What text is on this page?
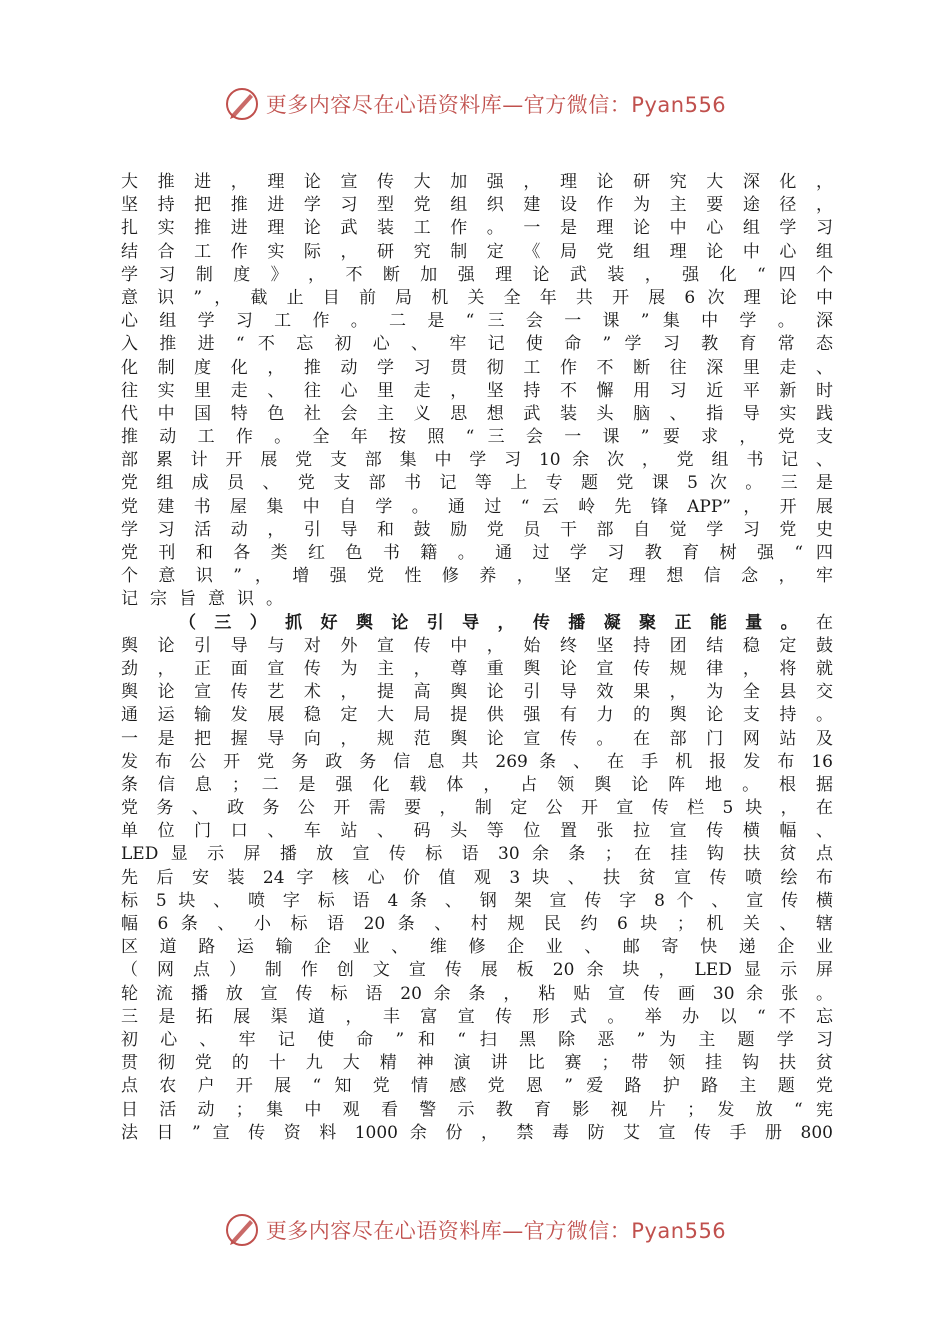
更多内容尽在心语资料库—官方微信：Pyan556
大 推 进 ， 理 论 宣 传 大 加 强 ， 理 论 研 究 大 深 化 ，
坚 持 把 推 进 学 习 型 党 组 织 建 设 作 为 主 要 途 径 ，
扎 实 推 进 理 论 武 装 工 作 。 一 是 理 论 中 心 组 学 习
结 合 工 作 实 际 ， 研 究 制 定 《 局 党 组 理 论 中 心 组
学 习 制 度 》 ， 不 断 加 强 理 论 武 装 ， 强 化 “ 四 个
意 识 ” ， 截 止 目 前 局 机 关 全 年 共 开 展 6 次 理 论 中
心 组 学 习 工 作 。 二 是 “ 三 会 一 课 ” 集 中 学 。 深
入 推 进 “ 不 忘 初 心 、 牢 记 使 命 ” 学 习 教 育 常 态
化 制 度 化 ， 推 动 学 习 贯 彻 工 作 不 断 往 深 里 走 、
往 实 里 走 、 往 心 里 走 ， 坚 持 不 懈 用 习 近 平 新 时
代 中 国 特 色 社 会 主 义 思 想 武 装 头 脑 、 指 导 实 践
推 动 工 作 。 全 年 按 照 “ 三 会 一 课 ” 要 求 ， 党 支
部 累 计 开 展 党 支 部 集 中 学 习 10 余 次 ， 党 组 书 记 、
党 组 成 员 、 党 支 部 书 记 等 上 专 题 党 课 5 次 。 三 是
党 建 书 屋 集 中 自 学 。 通 过 “ 云 岭 先 锋 APP” ， 开 展
学 习 活 动 ， 引 导 和 鼓 励 党 员 干 部 自 觉 学 习 党 史
党 刊 和 各 类 红 色 书 籍 。 通 过 学 习 教 育 树 强 “ 四
个 意 识 ” ， 增 强 党 性 修 养 ， 坚 定 理 想 信 念 ， 牢
记宗旨意识。
（三）抓好舆论引导，传播凝聚正能量。在
舆 论 引 导 与 对 外 宣 传 中 ， 始 终 坚 持 团 结 稳 定 鼓
劲 ， 正 面 宣 传 为 主 ， 尊 重 舆 论 宣 传 规 律 ， 将 就
舆 论 宣 传 艺 术 ， 提 高 舆 论 引 导 效 果 ， 为 全 县 交
通 运 输 发 展 稳 定 大 局 提 供 强 有 力 的 舆 论 支 持 。
一 是 把 握 导 向 ， 规 范 舆 论 宣 传 。 在 部 门 网 站 及
发 布 公 开 党 务 政 务 信 息 共 269 条 、 在 手 机 报 发 布 16
条 信 息 ； 二 是 强 化 载 体 ， 占 领 舆 论 阵 地 。 根 据
党 务 、 政 务 公 开 需 要 ， 制 定 公 开 宣 传 栏 5 块 ， 在
单 位 门 口 、 车 站 、 码 头 等 位 置 张 拉 宣 传 横 幅 、
LED 显 示 屏 播 放 宣 传 标 语 30 余 条 ； 在 挂 钩 扶 贫 点
先 后 安 装 24 字 核 心 价 值 观 3 块 、 扶 贫 宣 传 喷 绘 布
标 5 块 、 喷 字 标 语 4 条 、 钢 架 宣 传 字 8 个 、 宣 传 横
幅 6 条 、 小 标 语 20 条 、 村 规 民 约 6 块 ； 机 关 、 辖
区 道 路 运 输 企 业 、 维 修 企 业 、 邮 寄 快 递 企 业
（ 网 点 ） 制 作 创 文 宣 传 展 板 20 余 块 ， LED 显 示 屏
轮 流 播 放 宣 传 标 语 20 余 条 ， 粘 贴 宣 传 画 30 余 张 。
三 是 拓 展 渠 道 ， 丰 富 宣 传 形 式 。 举 办 以 “ 不 忘
初 心 、 牢 记 使 命 ” 和 “ 扫 黑 除 恶 ” 为 主 题 学 习
贯 彻 党 的 十 九 大 精 神 演 讲 比 赛 ； 带 领 挂 钩 扶 贫
点 农 户 开 展 “ 知 党 情 感 党 恩 ” 爱 路 护 路 主 题 党
日 活 动 ； 集 中 观 看 警 示 教 育 影 视 片 ； 发 放 “ 宪
法 日 ” 宣 传 资 料 1000 余 份 ， 禁 毒 防 艾 宣 传 手 册 800
更多内容尽在心语资料库—官方微信：Pyan556
